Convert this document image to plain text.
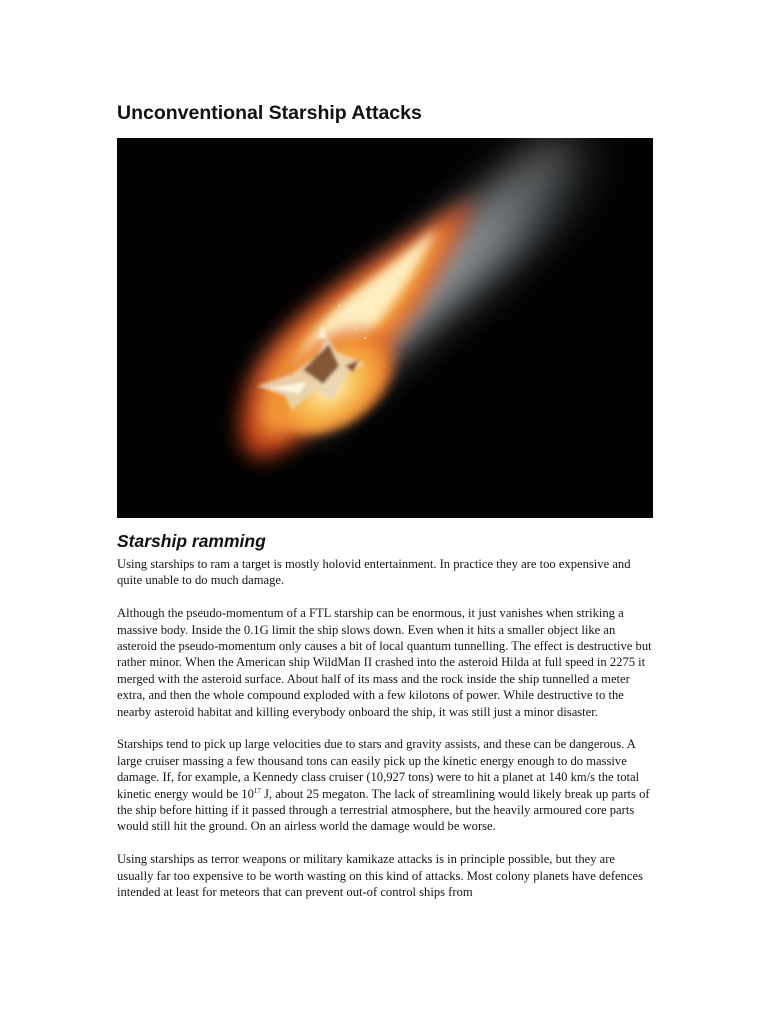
Unconventional Starship Attacks
Starship ramming

Using starships to ram a target is mostly holovid entertainment. In practice they are too expensive and quite unable to do much damage.

Although the pseudo-momentum of a FTL starship can be enormous, it just vanishes when striking a massive body. Inside the 0.1G limit the ship slows down. Even when it hits a smaller object like an asteroid the pseudo-momentum only causes a bit of local quantum tunnelling. The effect is destructive but rather minor. When the American ship WildMan II crashed into the asteroid Hilda at full speed in 2275 it merged with the asteroid surface. About half of its mass and the rock inside the ship tunnelled a meter extra, and then the whole compound exploded with a few kilotons of power. While destructive to the nearby asteroid habitat and killing everybody onboard the ship, it was still just a minor disaster.

Starships tend to pick up large velocities due to stars and gravity assists, and these can be dangerous. A large cruiser massing a few thousand tons can easily pick up the kinetic energy enough to do massive damage. If, for example, a Kennedy class cruiser (10,927 tons) were to hit a planet at 140 km/s the total kinetic energy would be $10^{17}$ J, about 25 megaton. The lack of streamlining would likely break up parts of the ship before hitting if it passed through a terrestrial atmosphere, but the heavily armoured core parts would still hit the ground. On an airless world the damage would be worse.

Using starships as terror weapons or military kamikaze attacks is in principle possible, but they are usually far too expensive to be worth wasting on this kind of attacks. Most colony planets have defences intended at least for meteors that can prevent out-of control ships from
